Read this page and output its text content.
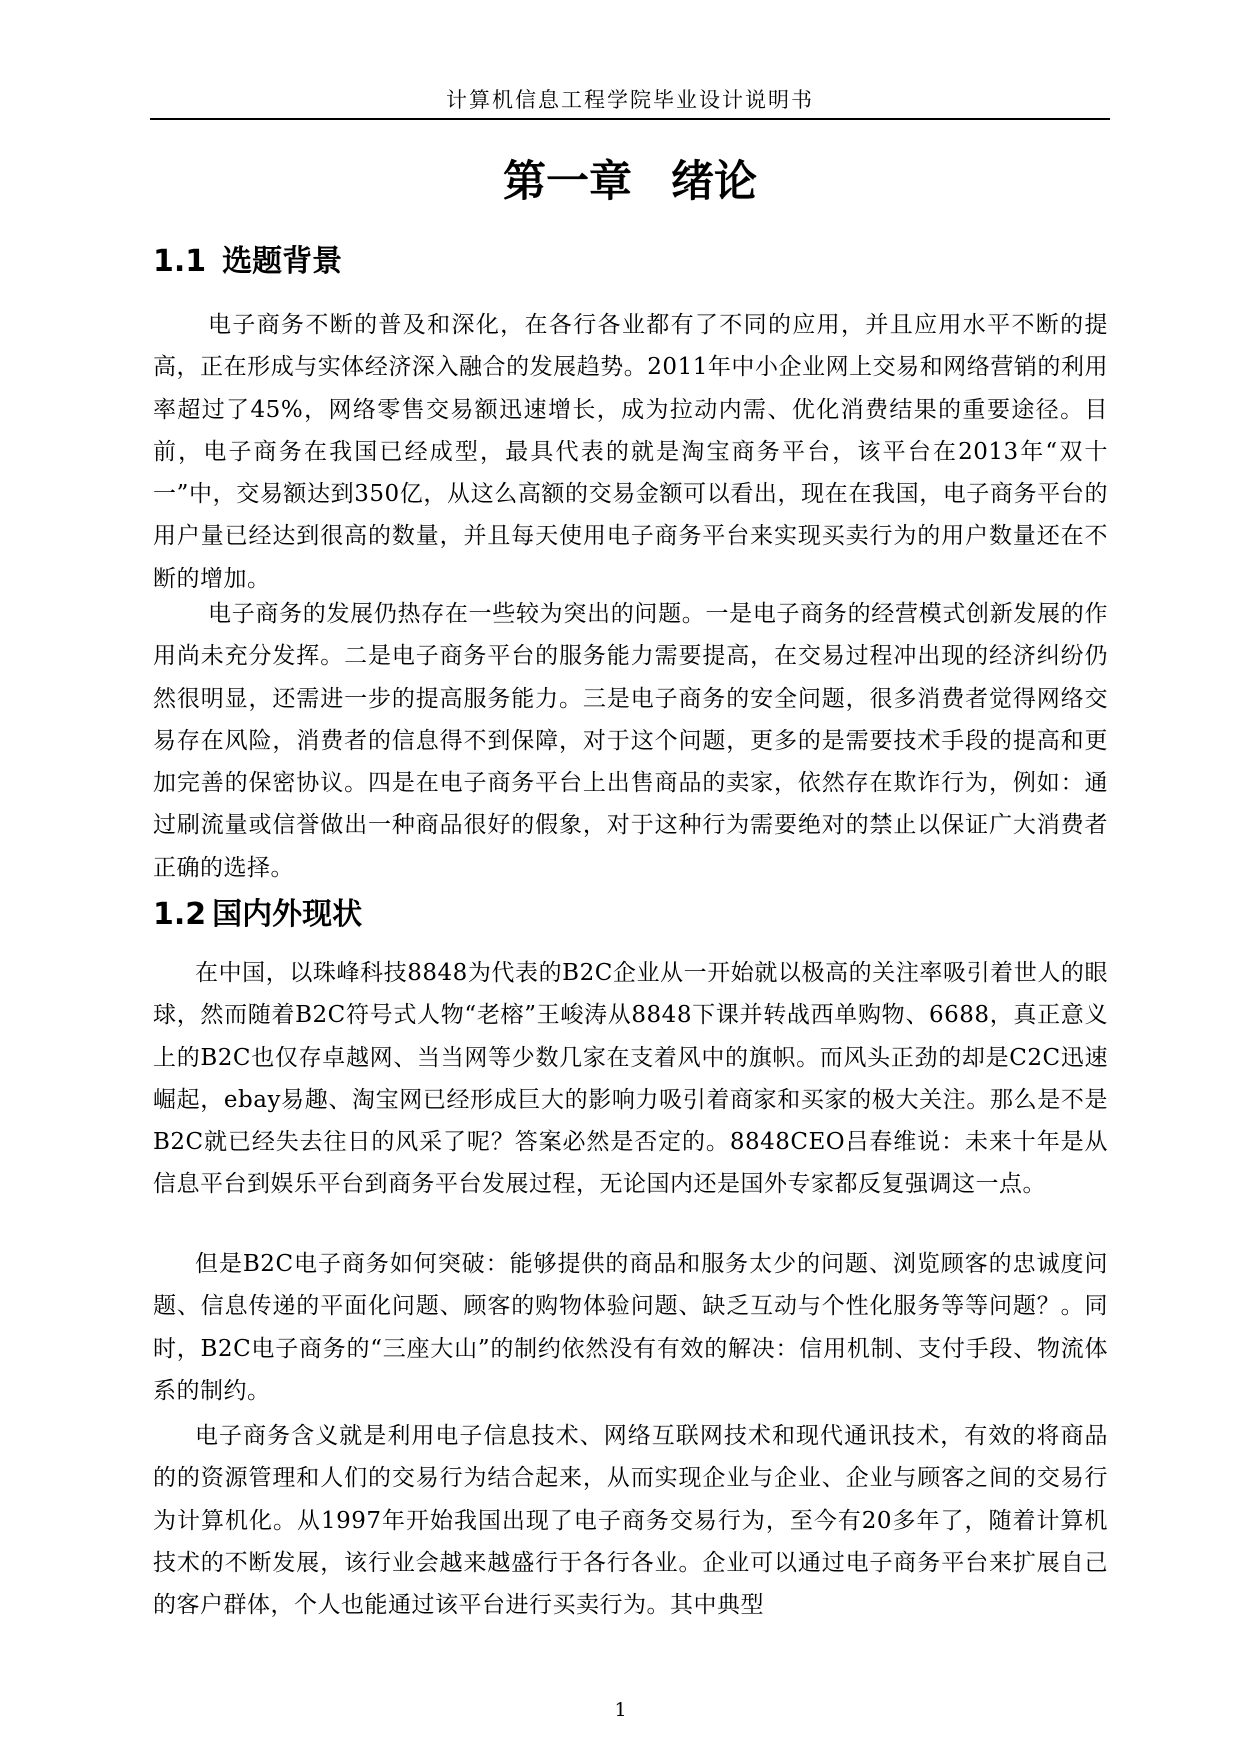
计算机信息工程学院毕业设计说明书
第一章 绪论
1.1 选题背景

电子商务不断的普及和深化，在各行各业都有了不同的应用，并且应用水平不断的提高，正在形成与实体经济深入融合的发展趋势。2011年中小企业网上交易和网络营销的利用率超过了45%，网络零售交易额迅速增长，成为拉动内需、优化消费结果的重要途径。目前，电子商务在我国已经成型，最具代表的就是淘宝商务平台，该平台在2013年“双十一”中，交易额达到350亿，从这么高额的交易金额可以看出，现在在我国，电子商务平台的用户量已经达到很高的数量，并且每天使用电子商务平台来实现买卖行为的用户数量还在不断的增加。

电子商务的发展仍热存在一些较为突出的问题。一是电子商务的经营模式创新发展的作用尚未充分发挥。二是电子商务平台的服务能力需要提高，在交易过程冲出现的经济纠纷仍然很明显，还需进一步的提高服务能力。三是电子商务的安全问题，很多消费者觉得网络交易存在风险，消费者的信息得不到保障，对于这个问题，更多的是需要技术手段的提高和更加完善的保密协议。四是在电子商务平台上出售商品的卖家，依然存在欺诈行为，例如：通过刷流量或信誉做出一种商品很好的假象，对于这种行为需要绝对的禁止以保证广大消费者正确的选择。

1.2 国内外现状

在中国，以珠峰科技8848为代表的B2C企业从一开始就以极高的关注率吸引着世人的眼球，然而随着B2C符号式人物“老榕”王峻涛从8848下课并转战西单购物、6688，真正意义上的B2C也仅存卓越网、当当网等少数几家在支着风中的旗帜。而风头正劲的却是C2C迅速崛起，ebay易趣、淘宝网已经形成巨大的影响力吸引着商家和买家的极大关注。那么是不是B2C就已经失去往日的风采了呢？答案必然是否定的。8848CEO吕春维说：未来十年是从信息平台到娱乐平台到商务平台发展过程，无论国内还是国外专家都反复强调这一点。

但是B2C电子商务如何突破：能够提供的商品和服务太少的问题、浏览顾客的忠诚度问题、信息传递的平面化问题、顾客的购物体验问题、缺乏互动与个性化服务等等问题？。同时，B2C电子商务的“三座大山”的制约依然没有有效的解决：信用机制、支付手段、物流体系的制约。

电子商务含义就是利用电子信息技术、网络互联网技术和现代通讯技术，有效的将商品的的资源管理和人们的交易行为结合起来，从而实现企业与企业、企业与顾客之间的交易行为计算机化。从1997年开始我国出现了电子商务交易行为，至今有20多年了，随着计算机技术的不断发展，该行业会越来越盛行于各行各业。企业可以通过电子商务平台来扩展自己的客户群体，个人也能通过该平台进行买卖行为。其中典型

1
